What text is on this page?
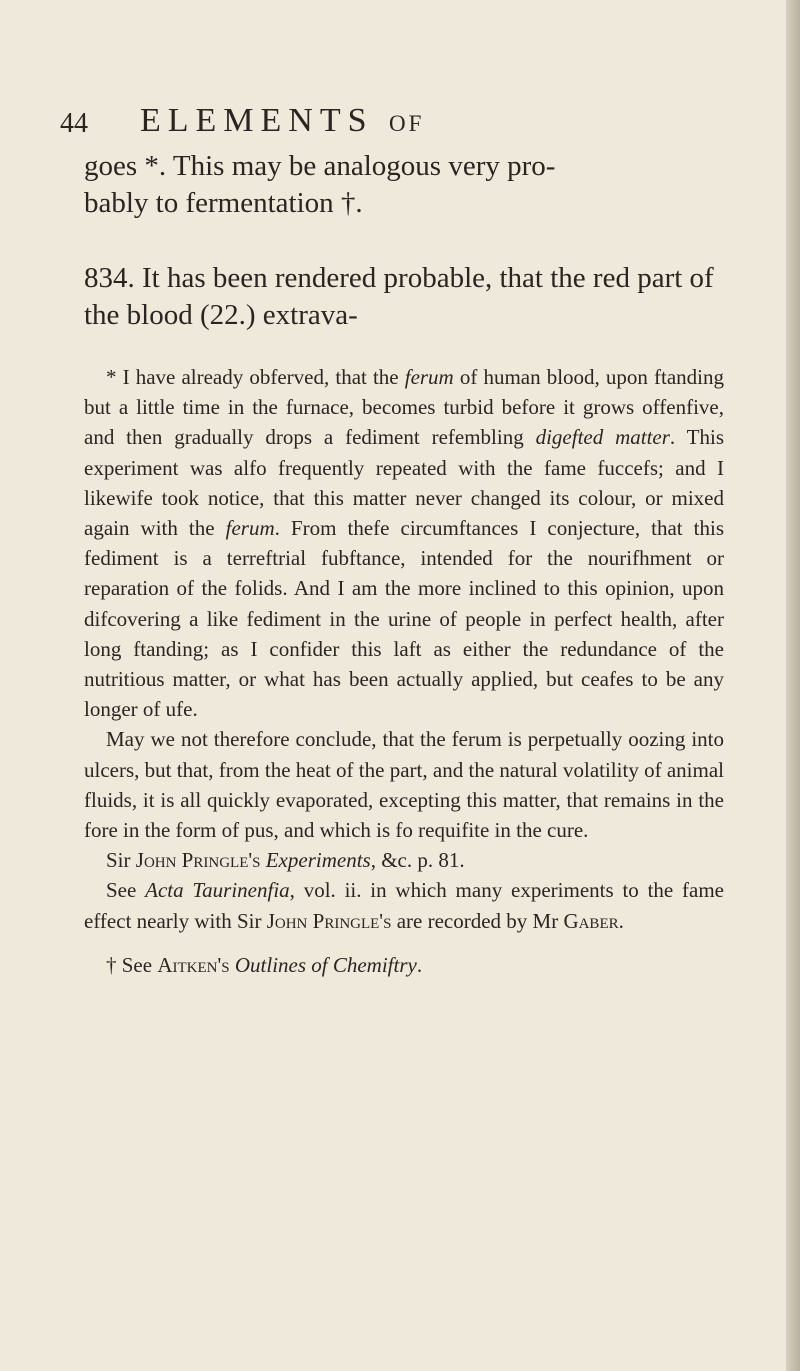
44 ELEMENTS OF

goes *. This may be analogous very pro-

bably to fermentation †.

834. It has been rendered probable, that the red part of the blood (22.) extrava-

* I have already obferved, that the ferum of human blood, upon ftanding but a little time in the furnace, becomes turbid before it grows offenfive, and then gradually drops a fediment refembling digefted matter. This experiment was alfo frequently repeated with the fame fuccefs; and I likewife took notice, that this matter never changed its colour, or mixed again with the ferum. From thefe circumftances I conjecture, that this fediment is a terreftrial fubftance, intended for the nourifhment or reparation of the folids. And I am the more inclined to this opinion, upon difcovering a like fediment in the urine of people in perfect health, after long ftanding; as I confider this laft as either the redundance of the nutritious matter, or what has been actually applied, but ceafes to be any longer of ufe.

May we not therefore conclude, that the ferum is perpetually oozing into ulcers, but that, from the heat of the part, and the natural volatility of animal fluids, it is all quickly evaporated, excepting this matter, that remains in the fore in the form of pus, and which is fo requifite in the cure.

Sir John Pringle's Experiments, &c. p. 81.

See Acta Taurinenfia, vol. ii. in which many experiments to the fame effect nearly with Sir John Pringle's are recorded by Mr Gaber.

† See Aitken's Outlines of Chemiftry.
